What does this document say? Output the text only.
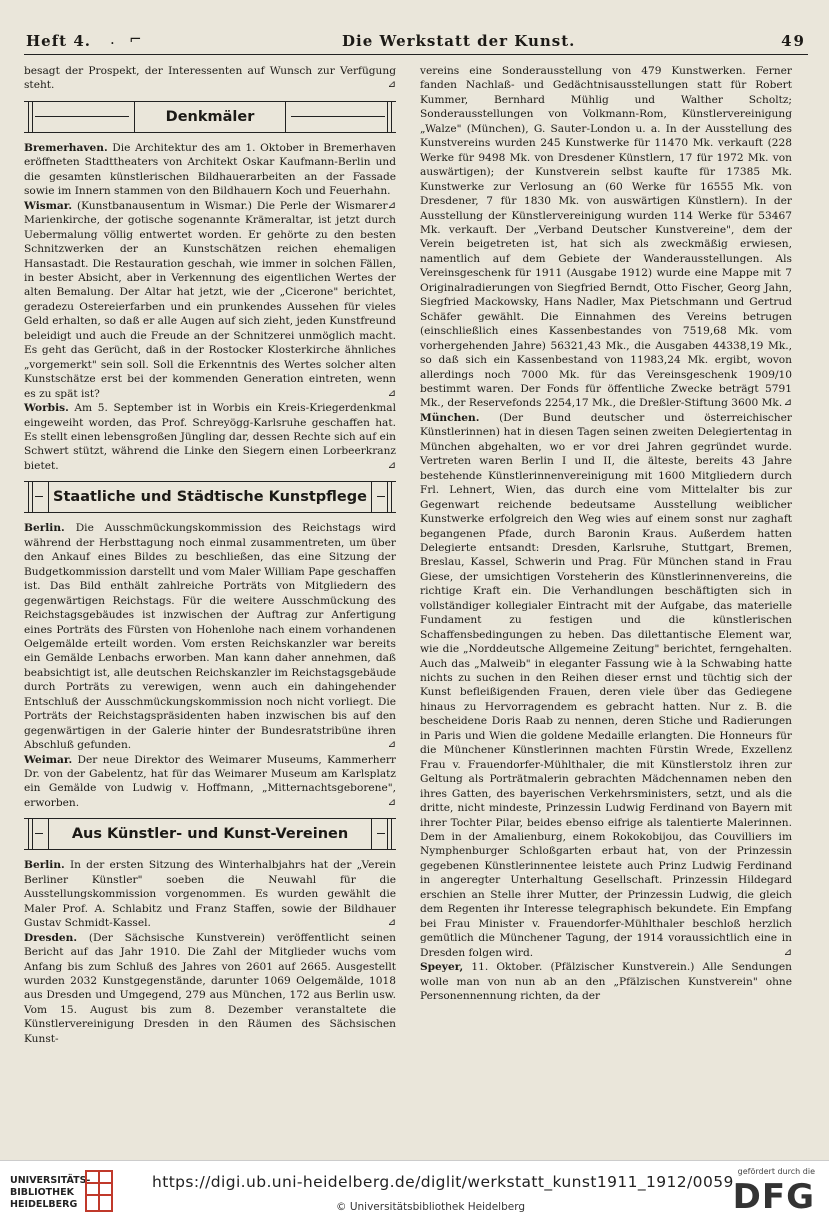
Heft 4. .   ⌐	Die Werkstatt der Kunst.	49

besagt der Prospekt, der Interessenten auf Wunsch zur Verfügung steht.	⊿

Denkmäler

Bremerhaven. Die Architektur des am 1. Oktober in Bremerhaven eröffneten Stadttheaters von Architekt Oskar Kaufmann-Berlin und die gesamten künstlerischen Bildhauerarbeiten an der Fassade sowie im Innern stammen von den Bildhauern Koch und Feuerhahn.
⊿

Wismar. (Kunstbanausentum in Wismar.) Die Perle der Wismarer Marienkirche, der gotische sogenannte Krämeraltar, ist jetzt durch Uebermalung völlig entwertet worden. Er gehörte zu den besten Schnitzwerken der an Kunstschätzen reichen ehemaligen Hansastadt. Die Restauration geschah, wie immer in solchen Fällen, in bester Absicht, aber in Verkennung des eigentlichen Wertes der alten Bemalung. Der Altar hat jetzt, wie der „Cicerone" berichtet, geradezu Ostereierfarben und ein prunkendes Aussehen für vieles Geld erhalten, so daß er alle Augen auf sich zieht, jeden Kunstfreund beleidigt und auch die Freude an der Schnitzerei unmöglich macht. Es geht das Gerücht, daß in der Rostocker Klosterkirche ähnliches „vorgemerkt" sein soll. Soll die Erkenntnis des Wertes solcher alten Kunstschätze erst bei der kommenden Generation eintreten, wenn es zu spät ist?	⊿

Worbis. Am 5. September ist in Worbis ein Kreis-Kriegerdenkmal eingeweiht worden, das Prof. Schreyögg-Karlsruhe geschaffen hat. Es stellt einen lebensgroßen Jüngling dar, dessen Rechte sich auf ein Schwert stützt, während die Linke den Siegern einen Lorbeerkranz bietet.	⊿

Staatliche und Städtische Kunstpflege

Berlin. Die Ausschmückungskommission des Reichstags wird während der Herbsttagung noch einmal zusammentreten, um über den Ankauf eines Bildes zu beschließen, das eine Sitzung der Budgetkommission darstellt und vom Maler William Pape geschaffen ist. Das Bild enthält zahlreiche Porträts von Mitgliedern des gegenwärtigen Reichstags. Für die weitere Ausschmückung des Reichstagsgebäudes ist inzwischen der Auftrag zur Anfertigung eines Porträts des Fürsten von Hohenlohe nach einem vorhandenen Oelgemälde erteilt worden. Vom ersten Reichskanzler war bereits ein Gemälde Lenbachs erworben. Man kann daher annehmen, daß beabsichtigt ist, alle deutschen Reichskanzler im Reichstagsgebäude durch Porträts zu verewigen, wenn auch ein dahingehender Entschluß der Ausschmückungskommission noch nicht vorliegt. Die Porträts der Reichstagspräsidenten haben inzwischen bis auf den gegenwärtigen in der Galerie hinter der Bundesratstribüne ihren Abschluß gefunden.	⊿

Weimar. Der neue Direktor des Weimarer Museums, Kammerherr Dr. von der Gabelentz, hat für das Weimarer Museum am Karlsplatz ein Gemälde von Ludwig v. Hoffmann, „Mitternachtsgeborene", erworben.	⊿

Aus Künstler- und Kunst-Vereinen

Berlin. In der ersten Sitzung des Winterhalbjahrs hat der „Verein Berliner Künstler" soeben die Neuwahl für die Ausstellungskommission vorgenommen. Es wurden gewählt die Maler Prof. A. Schlabitz und Franz Staffen, sowie der Bildhauer Gustav Schmidt-Kassel.	⊿

Dresden. (Der Sächsische Kunstverein) veröffentlicht seinen Bericht auf das Jahr 1910. Die Zahl der Mitglieder wuchs vom Anfang bis zum Schluß des Jahres von 2601 auf 2665. Ausgestellt wurden 2032 Kunstgegenstände, darunter 1069 Oelgemälde, 1018 aus Dresden und Umgegend, 279 aus München, 172 aus Berlin usw. Vom 15. August bis zum 8. Dezember veranstaltete die Künstlervereinigung Dresden in den Räumen des Sächsischen Kunst-

vereins eine Sonderausstellung von 479 Kunstwerken. Ferner fanden Nachlaß- und Gedächtnisausstellungen statt für Robert Kummer, Bernhard Mühlig und Walther Scholtz; Sonderausstellungen von Volkmann-Rom, Künstlervereinigung „Walze" (München), G. Sauter-London u. a. In der Ausstellung des Kunstvereins wurden 245 Kunstwerke für 11470 Mk. verkauft (228 Werke für 9498 Mk. von Dresdener Künstlern, 17 für 1972 Mk. von auswärtigen); der Kunstverein selbst kaufte für 17385 Mk. Kunstwerke zur Verlosung an (60 Werke für 16555 Mk. von Dresdener, 7 für 1830 Mk. von auswärtigen Künstlern). In der Ausstellung der Künstlervereinigung wurden 114 Werke für 53467 Mk. verkauft. Der „Verband Deutscher Kunstvereine", dem der Verein beigetreten ist, hat sich als zweckmäßig erwiesen, namentlich auf dem Gebiete der Wanderausstellungen. Als Vereinsgeschenk für 1911 (Ausgabe 1912) wurde eine Mappe mit 7 Originalradierungen von Siegfried Berndt, Otto Fischer, Georg Jahn, Siegfried Mackowsky, Hans Nadler, Max Pietschmann und Gertrud Schäfer gewählt. Die Einnahmen des Vereins betrugen (einschließlich eines Kassenbestandes von 7519,68 Mk. vom vorhergehenden Jahre) 56321,43 Mk., die Ausgaben 44338,19 Mk., so daß sich ein Kassenbestand von 11983,24 Mk. ergibt, wovon allerdings noch 7000 Mk. für das Vereinsgeschenk 1909/10 bestimmt waren. Der Fonds für öffentliche Zwecke beträgt 5791 Mk., der Reservefonds 2254,17 Mk., die Dreßler-Stiftung 3600 Mk. ⊿

München. (Der Bund deutscher und österreichischer Künstlerinnen) hat in diesen Tagen seinen zweiten Delegiertentag in München abgehalten, wo er vor drei Jahren gegründet wurde. Vertreten waren Berlin I und II, die älteste, bereits 43 Jahre bestehende Künstlerinnenvereinigung mit 1600 Mitgliedern durch Frl. Lehnert, Wien, das durch eine vom Mittelalter bis zur Gegenwart reichende bedeutsame Ausstellung weiblicher Kunstwerke erfolgreich den Weg wies auf einem sonst nur zaghaft begangenen Pfade, durch Baronin Kraus. Außerdem hatten Delegierte entsandt: Dresden, Karlsruhe, Stuttgart, Bremen, Breslau, Kassel, Schwerin und Prag. Für München stand in Frau Giese, der umsichtigen Vorsteherin des Künstlerinnenvereins, die richtige Kraft ein. Die Verhandlungen beschäftigten sich in vollständiger kollegialer Eintracht mit der Aufgabe, das materielle Fundament zu festigen und die künstlerischen Schaffensbedingungen zu heben. Das dilettantische Element war, wie die „Norddeutsche Allgemeine Zeitung" berichtet, ferngehalten. Auch das „Malweib" in eleganter Fassung wie à la Schwabing hatte nichts zu suchen in den Reihen dieser ernst und tüchtig sich der Kunst befleißigenden Frauen, deren viele über das Gediegene hinaus zu Hervorragendem es gebracht hatten. Nur z. B. die bescheidene Doris Raab zu nennen, deren Stiche und Radierungen in Paris und Wien die goldene Medaille erlangten. Die Honneurs für die Münchener Künstlerinnen machten Fürstin Wrede, Exzellenz Frau v. Frauendorfer-Mühlthaler, die mit Künstlerstolz ihren zur Geltung als Porträtmalerin gebrachten Mädchennamen neben den ihres Gatten, des bayerischen Verkehrsministers, setzt, und als die dritte, nicht mindeste, Prinzessin Ludwig Ferdinand von Bayern mit ihrer Tochter Pilar, beides ebenso eifrige als talentierte Malerinnen. Dem in der Amalienburg, einem Rokokobijou, das Couvilliers im Nymphenburger Schloßgarten erbaut hat, von der Prinzessin gegebenen Künstlerinnentee leistete auch Prinz Ludwig Ferdinand in angeregter Unterhaltung Gesellschaft. Prinzessin Hildegard erschien an Stelle ihrer Mutter, der Prinzessin Ludwig, die gleich dem Regenten ihr Interesse telegraphisch bekundete. Ein Empfang bei Frau Minister v. Frauendorfer-Mühlthaler beschloß herzlich gemütlich die Münchener Tagung, der 1914 voraussichtlich eine in Dresden folgen wird.	⊿

Speyer, 11. Oktober. (Pfälzischer Kunstverein.) Alle Sendungen wolle man von nun ab an den „Pfälzischen Kunstverein" ohne Personennennung richten, da der

UNIVERSITÄTS-
BIBLIOTHEK
HEIDELBERG
https://digi.ub.uni-heidelberg.de/diglit/werkstatt_kunst1911_1912/0059
© Universitätsbibliothek Heidelberg
gefördert durch die
DFG
